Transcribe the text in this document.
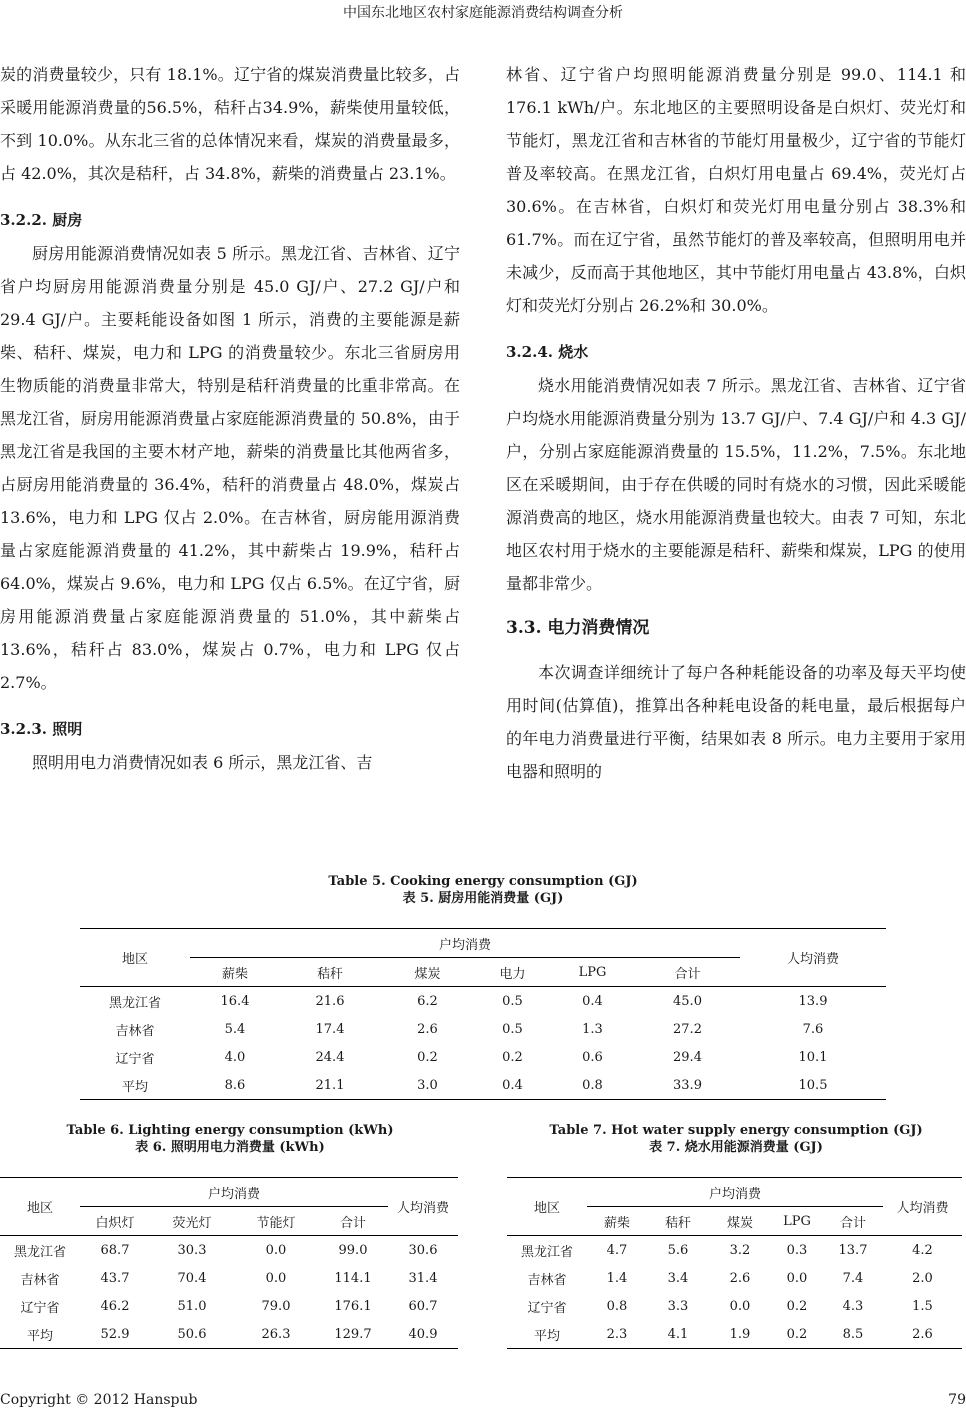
中国东北地区农村家庭能源消费结构调查分析

炭的消费量较少，只有 18.1%。辽宁省的煤炭消费量比较多，占采暖用能源消费量的56.5%，秸秆占34.9%，薪柴使用量较低，不到 10.0%。从东北三省的总体情况来看，煤炭的消费量最多，占 42.0%，其次是秸秆，占 34.8%，薪柴的消费量占 23.1%。

3.2.2. 厨房

厨房用能源消费情况如表 5 所示。黑龙江省、吉林省、辽宁省户均厨房用能源消费量分别是 45.0 GJ/户、27.2 GJ/户和 29.4 GJ/户。主要耗能设备如图 1 所示，消费的主要能源是薪柴、秸秆、煤炭，电力和 LPG 的消费量较少。东北三省厨房用生物质能的消费量非常大，特别是秸秆消费量的比重非常高。在黑龙江省，厨房用能源消费量占家庭能源消费量的 50.8%，由于黑龙江省是我国的主要木材产地，薪柴的消费量比其他两省多，占厨房用能消费量的 36.4%，秸秆的消费量占 48.0%，煤炭占 13.6%，电力和 LPG 仅占 2.0%。在吉林省，厨房能用源消费量占家庭能源消费量的 41.2%，其中薪柴占 19.9%，秸秆占 64.0%，煤炭占 9.6%，电力和 LPG 仅占 6.5%。在辽宁省，厨房用能源消费量占家庭能源消费量的 51.0%，其中薪柴占 13.6%，秸秆占 83.0%，煤炭占 0.7%，电力和 LPG 仅占 2.7%。

3.2.3. 照明

照明用电力消费情况如表 6 所示，黑龙江省、吉

林省、辽宁省户均照明能源消费量分别是 99.0、114.1 和 176.1 kWh/户。东北地区的主要照明设备是白炽灯、荧光灯和节能灯，黑龙江省和吉林省的节能灯用量极少，辽宁省的节能灯普及率较高。在黑龙江省，白炽灯用电量占 69.4%，荧光灯占 30.6%。在吉林省，白炽灯和荧光灯用电量分别占 38.3%和 61.7%。而在辽宁省，虽然节能灯的普及率较高，但照明用电并未减少，反而高于其他地区，其中节能灯用电量占 43.8%，白炽灯和荧光灯分别占 26.2%和 30.0%。

3.2.4. 烧水

烧水用能消费情况如表 7 所示。黑龙江省、吉林省、辽宁省户均烧水用能源消费量分别为 13.7 GJ/户、7.4 GJ/户和 4.3 GJ/户，分别占家庭能源消费量的 15.5%，11.2%，7.5%。东北地区在采暖期间，由于存在供暖的同时有烧水的习惯，因此采暖能源消费高的地区，烧水用能源消费量也较大。由表 7 可知，东北地区农村用于烧水的主要能源是秸秆、薪柴和煤炭，LPG 的使用量都非常少。

3.3. 电力消费情况

本次调查详细统计了每户各种耗能设备的功率及每天平均使用时间(估算值)，推算出各种耗电设备的耗电量，最后根据每户的年电力消费量进行平衡，结果如表 8 所示。电力主要用于家用电器和照明的

Table 5. Cooking energy consumption (GJ)
表 5. 厨房用能消费量 (GJ)
地区	户均消费						人均消费
	薪柴	秸秆	煤炭	电力	LPG	合计	
黑龙江省	16.4	21.6	6.2	0.5	0.4	45.0	13.9
吉林省	5.4	17.4	2.6	0.5	1.3	27.2	7.6
辽宁省	4.0	24.4	0.2	0.2	0.6	29.4	10.1
平均	8.6	21.1	3.0	0.4	0.8	33.9	10.5
Table 6. Lighting energy consumption (kWh)
表 6. 照明用电力消费量 (kWh)
地区	户均消费				人均消费
	白炽灯	荧光灯	节能灯	合计	
黑龙江省	68.7	30.3	0.0	99.0	30.6
吉林省	43.7	70.4	0.0	114.1	31.4
辽宁省	46.2	51.0	79.0	176.1	60.7
平均	52.9	50.6	26.3	129.7	40.9
Table 7. Hot water supply energy consumption (GJ)
表 7. 烧水用能源消费量 (GJ)
地区	户均消费					人均消费
	薪柴	秸秆	煤炭	LPG	合计	
黑龙江省	4.7	5.6	3.2	0.3	13.7	4.2
吉林省	1.4	3.4	2.6	0.0	7.4	2.0
辽宁省	0.8	3.3	0.0	0.2	4.3	1.5
平均	2.3	4.1	1.9	0.2	8.5	2.6
Copyright © 2012 Hanspub	79
